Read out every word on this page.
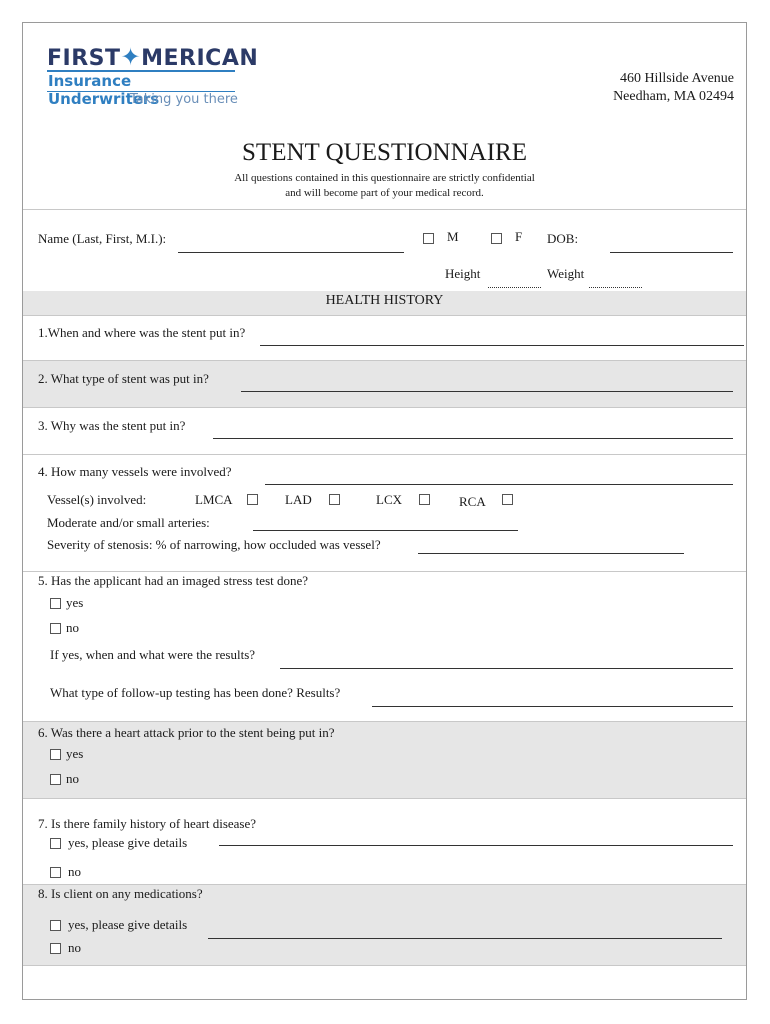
FIRST✦MERICAN
Insurance Underwriters
Taking you there
460 Hillside Avenue
Needham, MA 02494
STENT QUESTIONNAIRE
All questions contained in this questionnaire are strictly confidential
and will become part of your medical record.
Name (Last, First, M.I.):	M	F DOB:
Height	Weight
HEALTH HISTORY
1.When and where was the stent put in?
2. What type of stent was put in?
3. Why was the stent put in?
4. How many vessels were involved?
Vessel(s) involved:	LMCA	LAD	LCX	RCA
Moderate and/or small arteries:
Severity of stenosis: % of narrowing, how occluded was vessel?
5. Has the applicant had an imaged stress test done?
yes
no
If yes, when and what were the results?
What type of follow-up testing has been done? Results?
6. Was there a heart attack prior to the stent being put in?
yes
no
7. Is there family history of heart disease?
yes, please give details
no
8. Is client on any medications?
yes, please give details
no
